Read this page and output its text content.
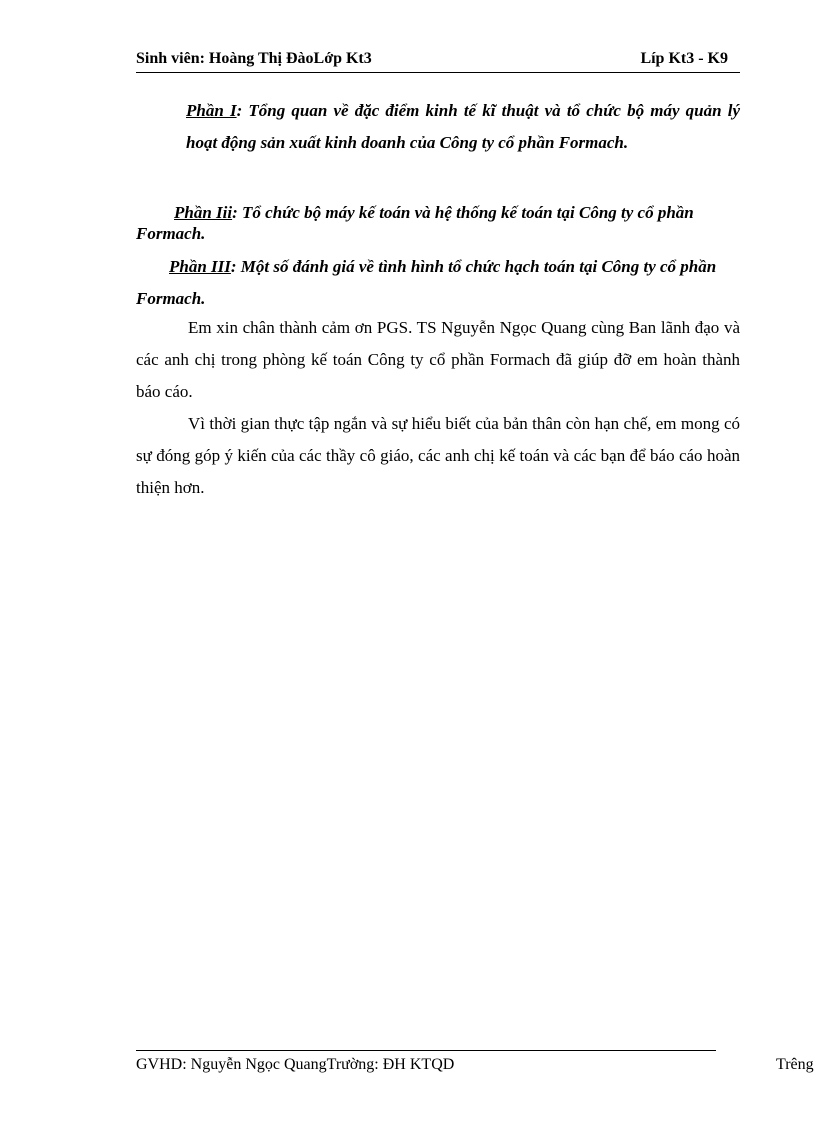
Sinh viên: Hoàng Thị ĐàoLớp Kt3	Líp Kt3 - K9
Phần I: Tổng quan về đặc điểm kinh tế kĩ thuật và tổ chức bộ máy quản lý hoạt động sản xuất kinh doanh của Công ty cổ phần Formach.
Phần Iii: Tổ chức bộ máy kế toán và hệ thống kế toán tại Công ty cổ phần Formach.
Phần III: Một số đánh giá về tình hình tổ chức hạch toán tại Công ty cổ phần Formach.
Em xin chân thành cảm ơn PGS. TS Nguyễn Ngọc Quang cùng Ban lãnh đạo và các anh chị trong phòng kế toán Công ty cổ phần Formach đã giúp đỡ em hoàn thành báo cáo.
Vì thời gian thực tập ngắn và sự hiểu biết của bản thân còn hạn chế, em mong có sự đóng góp ý kiến của các thầy cô giáo, các anh chị kế toán và các bạn để báo cáo hoàn thiện hơn.
GVHD: Nguyễn Ngọc QuangTrường: ĐH KTQD	Trêng
